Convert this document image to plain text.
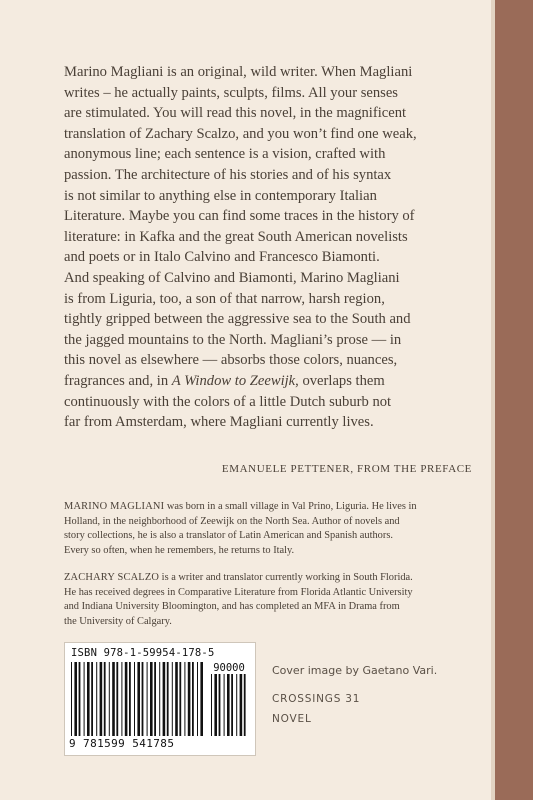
Marino Magliani is an original, wild writer. When Magliani

writes – he actually paints, sculpts, films. All your senses

are stimulated. You will read this novel, in the magnificent

translation of Zachary Scalzo, and you won’t find one weak,

anonymous line; each sentence is a vision, crafted with

passion. The architecture of his stories and of his syntax

is not similar to anything else in contemporary Italian

Literature. Maybe you can find some traces in the history of

literature: in Kafka and the great South American novelists

and poets or in Italo Calvino and Francesco Biamonti.

And speaking of Calvino and Biamonti, Marino Magliani

is from Liguria, too, a son of that narrow, harsh region,

tightly gripped between the aggressive sea to the South and

the jagged mountains to the North. Magliani’s prose — in

this novel as elsewhere — absorbs those colors, nuances,

fragrances and, in A Window to Zeewijk, overlaps them

continuously with the colors of a little Dutch suburb not

far from Amsterdam, where Magliani currently lives.

EMANUELE PETTENER, FROM THE PREFACE
MARINO MAGLIANI was born in a small village in Val Prino, Liguria. He lives in
Holland, in the neighborhood of Zeewijk on the North Sea. Author of novels and
story collections, he is also a translator of Latin American and Spanish authors.
Every so often, when he remembers, he returns to Italy.
ZACHARY SCALZO is a writer and translator currently working in South Florida.
He has received degrees in Comparative Literature from Florida Atlantic University
and Indiana University Bloomington, and has completed an MFA in Drama from
the University of Calgary.
ISBN 978-1-59954-178-5
90000
9 781599 541785
Cover image by Gaetano Vari.
CROSSINGS 31
NOVEL
